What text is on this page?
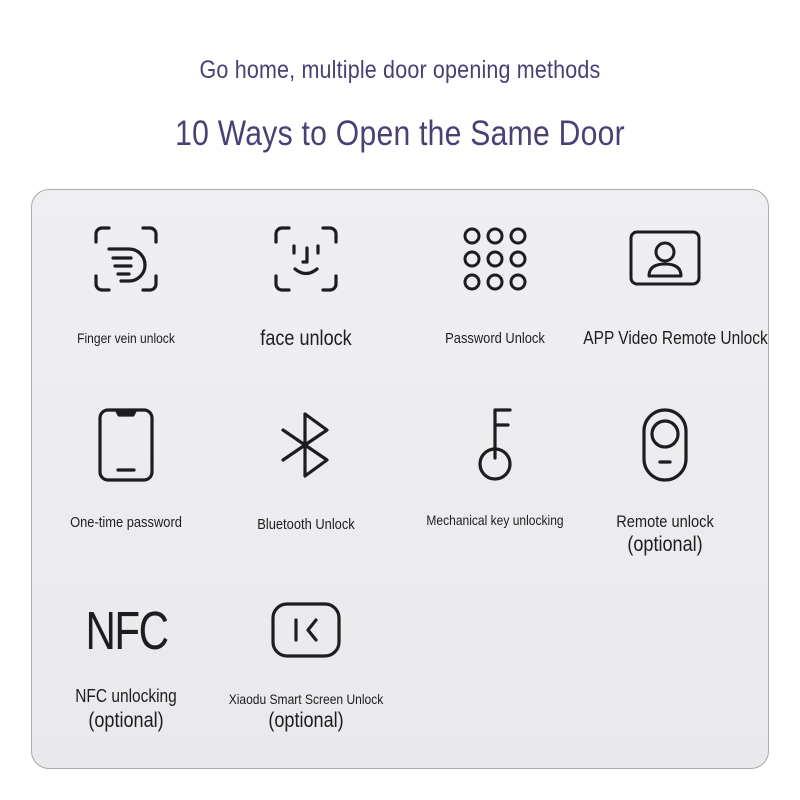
Go home, multiple door opening methods
10 Ways to Open the Same Door
Finger vein unlock	face unlock	Password Unlock	APP Video Remote Unlock
One-time password	Bluetooth Unlock	Mechanical key unlocking	Remote unlock
(optional)
NFC
NFC unlocking
(optional)
Xiaodu Smart Screen Unlock
(optional)
